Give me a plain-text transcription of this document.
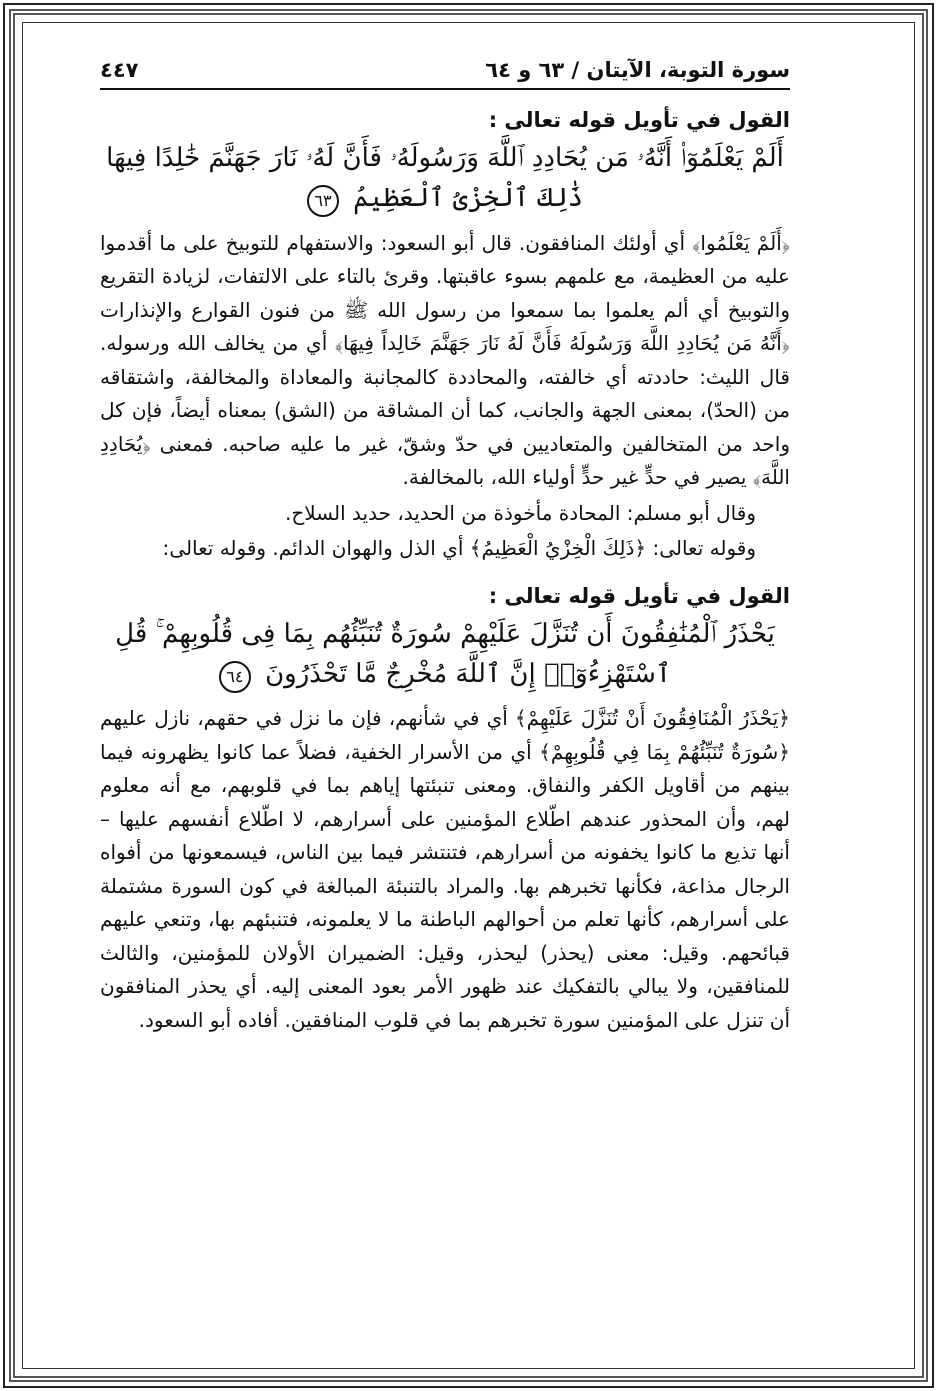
سورة التوبة، الآيتان / ٦٣ و ٦٤
٤٤٧
القول في تأويل قوله تعالى :
أَلَمْ يَعْلَمُوٓا۟ أَنَّهُۥ مَن يُحَادِدِ ٱللَّهَ وَرَسُولَهُۥ فَأَنَّ لَهُۥ نَارَ جَهَنَّمَ خَٰلِدًا فِيهَا
ذَٰلِكَ ٱلْخِزْىُ ٱلْعَظِيمُ ٦٣

﴿أَلَمْ يَعْلَمُوا﴾ أي أولئك المنافقون. قال أبو السعود: والاستفهام للتوبيخ على ما أقدموا عليه من العظيمة، مع علمهم بسوء عاقبتها. وقرئ بالتاء على الالتفات، لزيادة التقريع والتوبيخ أي ألم يعلموا بما سمعوا من رسول الله ﷺ من فنون القوارع والإنذارات ﴿أَنَّهُ مَن يُحَادِدِ اللَّهَ وَرَسُولَهُ فَأَنَّ لَهُ نَارَ جَهَنَّمَ خَالِداً فِيهَا﴾ أي من يخالف الله ورسوله. قال الليث: حاددته أي خالفته، والمحاددة كالمجانبة والمعاداة والمخالفة، واشتقاقه من (الحدّ)، بمعنى الجهة والجانب، كما أن المشاقة من (الشق) بمعناه أيضاً، فإن كل واحد من المتخالفين والمتعاديين في حدّ وشقّ، غير ما عليه صاحبه. فمعنى ﴿يُحَادِدِ اللَّهَ﴾ يصير في حدٍّ غير حدٍّ أولياء الله، بالمخالفة.

وقال أبو مسلم: المحادة مأخوذة من الحديد، حديد السلاح.

وقوله تعالى: ﴿ذَلِكَ الْخِزْيُ الْعَظِيمُ﴾ أي الذل والهوان الدائم. وقوله تعالى:

القول في تأويل قوله تعالى :
يَحْذَرُ ٱلْمُنَٰفِقُونَ أَن تُنَزَّلَ عَلَيْهِمْ سُورَةٌ تُنَبِّئُهُم بِمَا فِى قُلُوبِهِمْ ۚ قُلِ
ٱسْتَهْزِءُوٓا۟ إِنَّ ٱللَّهَ مُخْرِجٌ مَّا تَحْذَرُونَ ٦٤

﴿يَحْذَرُ الْمُنَافِقُونَ أَنْ تُنَزَّلَ عَلَيْهِمْ﴾ أي في شأنهم، فإن ما نزل في حقهم، نازل عليهم ﴿سُورَةٌ تُنَبِّئُهُمْ بِمَا فِي قُلُوبِهِمْ﴾ أي من الأسرار الخفية، فضلاً عما كانوا يظهرونه فيما بينهم من أقاويل الكفر والنفاق. ومعنى تنبئتها إياهم بما في قلوبهم، مع أنه معلوم لهم، وأن المحذور عندهم اطّلاع المؤمنين على أسرارهم، لا اطّلاع أنفسهم عليها – أنها تذيع ما كانوا يخفونه من أسرارهم، فتنتشر فيما بين الناس، فيسمعونها من أفواه الرجال مذاعة، فكأنها تخبرهم بها. والمراد بالتنبئة المبالغة في كون السورة مشتملة على أسرارهم، كأنها تعلم من أحوالهم الباطنة ما لا يعلمونه، فتنبئهم بها، وتنعي عليهم قبائحهم. وقيل: معنى (يحذر) ليحذر، وقيل: الضميران الأولان للمؤمنين، والثالث للمنافقين، ولا يبالي بالتفكيك عند ظهور الأمر بعود المعنى إليه. أي يحذر المنافقون أن تنزل على المؤمنين سورة تخبرهم بما في قلوب المنافقين. أفاده أبو السعود.
